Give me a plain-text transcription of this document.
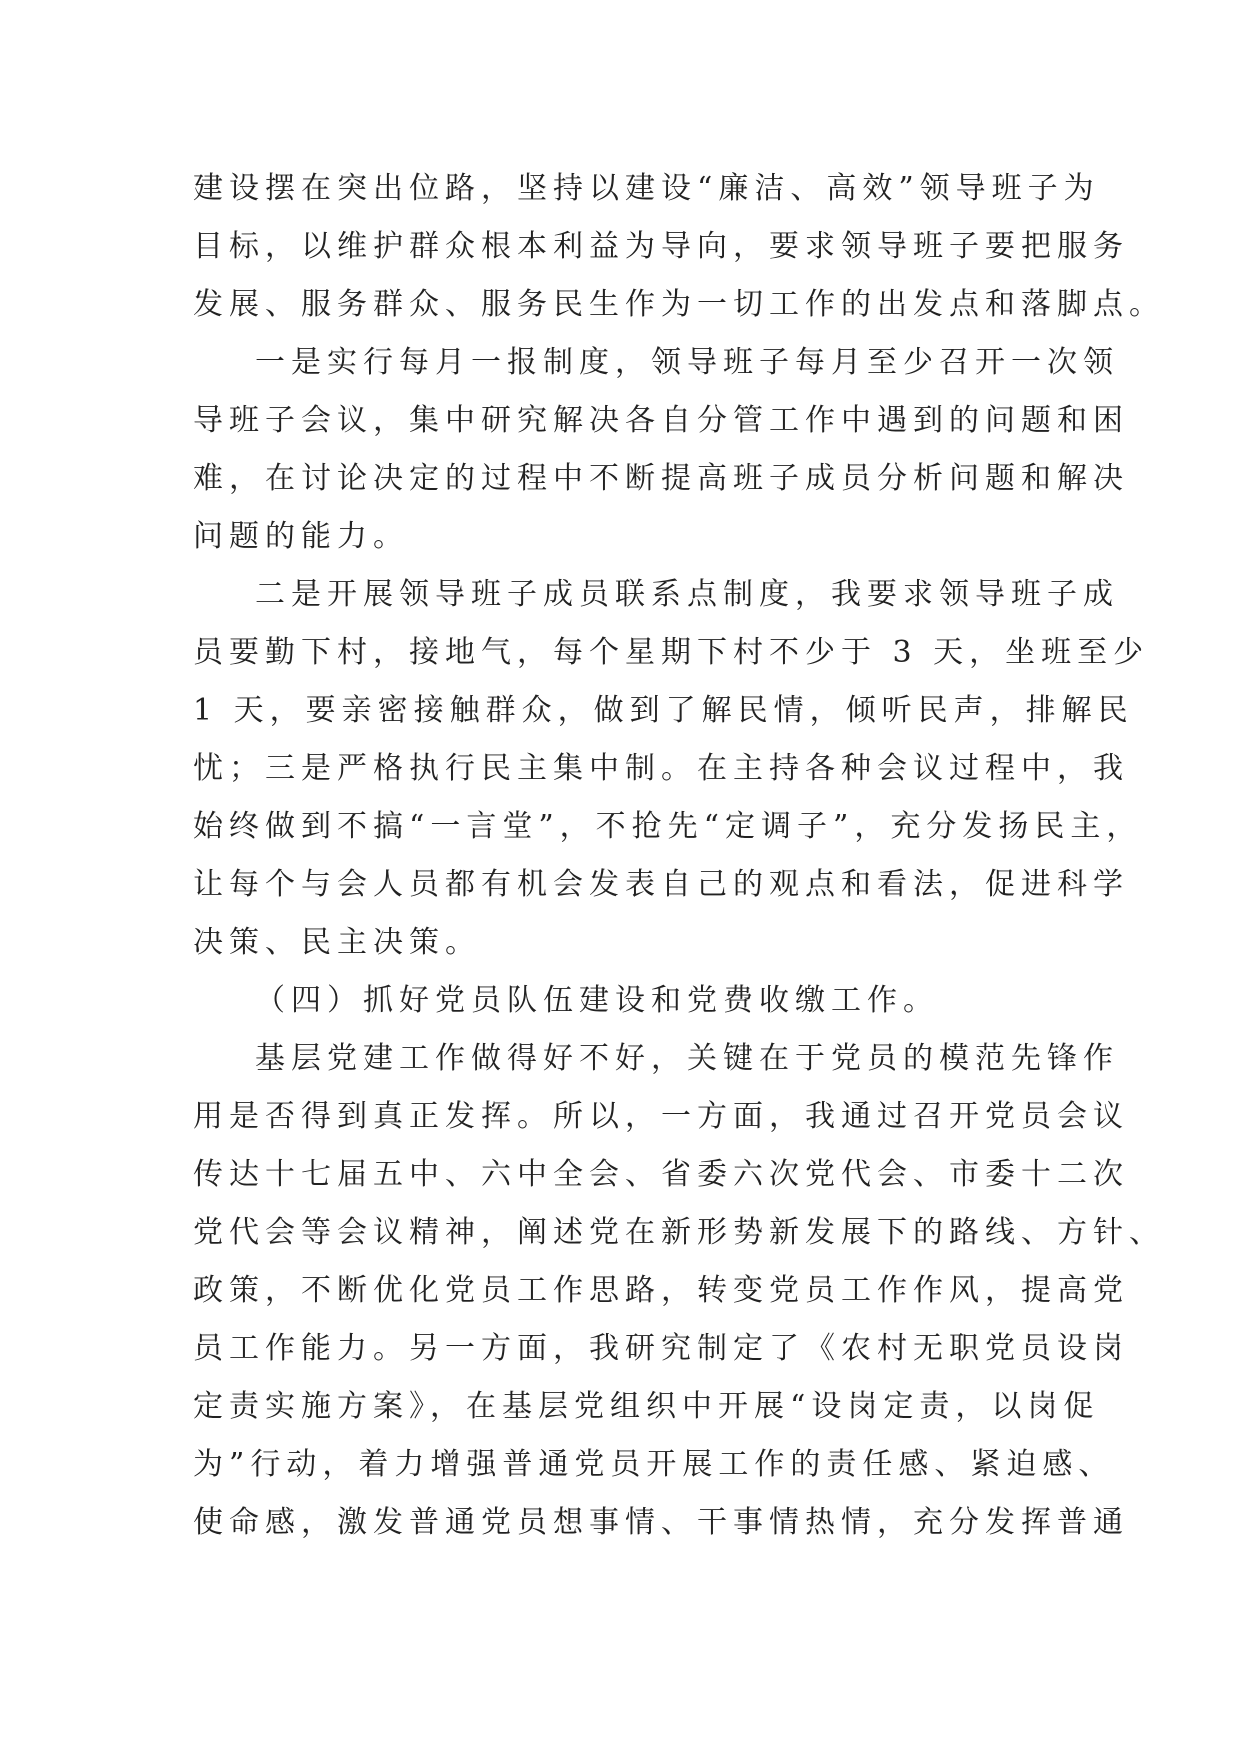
建设摆在突出位路，坚持以建设“廉洁、高效”领导班子为
目标，以维护群众根本利益为导向，要求领导班子要把服务
发展、服务群众、服务民生作为一切工作的出发点和落脚点。
一是实行每月一报制度，领导班子每月至少召开一次领
导班子会议，集中研究解决各自分管工作中遇到的问题和困
难，在讨论决定的过程中不断提高班子成员分析问题和解决
问题的能力。
二是开展领导班子成员联系点制度，我要求领导班子成
员要勤下村，接地气，每个星期下村不少于 3 天，坐班至少
1 天，要亲密接触群众，做到了解民情，倾听民声，排解民
忧；三是严格执行民主集中制。在主持各种会议过程中，我
始终做到不搞“一言堂”，不抢先“定调子”，充分发扬民主，
让每个与会人员都有机会发表自己的观点和看法，促进科学
决策、民主决策。
（四）抓好党员队伍建设和党费收缴工作。
基层党建工作做得好不好，关键在于党员的模范先锋作
用是否得到真正发挥。所以，一方面，我通过召开党员会议
传达十七届五中、六中全会、省委六次党代会、市委十二次
党代会等会议精神，阐述党在新形势新发展下的路线、方针、
政策，不断优化党员工作思路，转变党员工作作风，提高党
员工作能力。另一方面，我研究制定了《农村无职党员设岗
定责实施方案》，在基层党组织中开展“设岗定责，以岗促
为”行动，着力增强普通党员开展工作的责任感、紧迫感、
使命感，激发普通党员想事情、干事情热情，充分发挥普通
